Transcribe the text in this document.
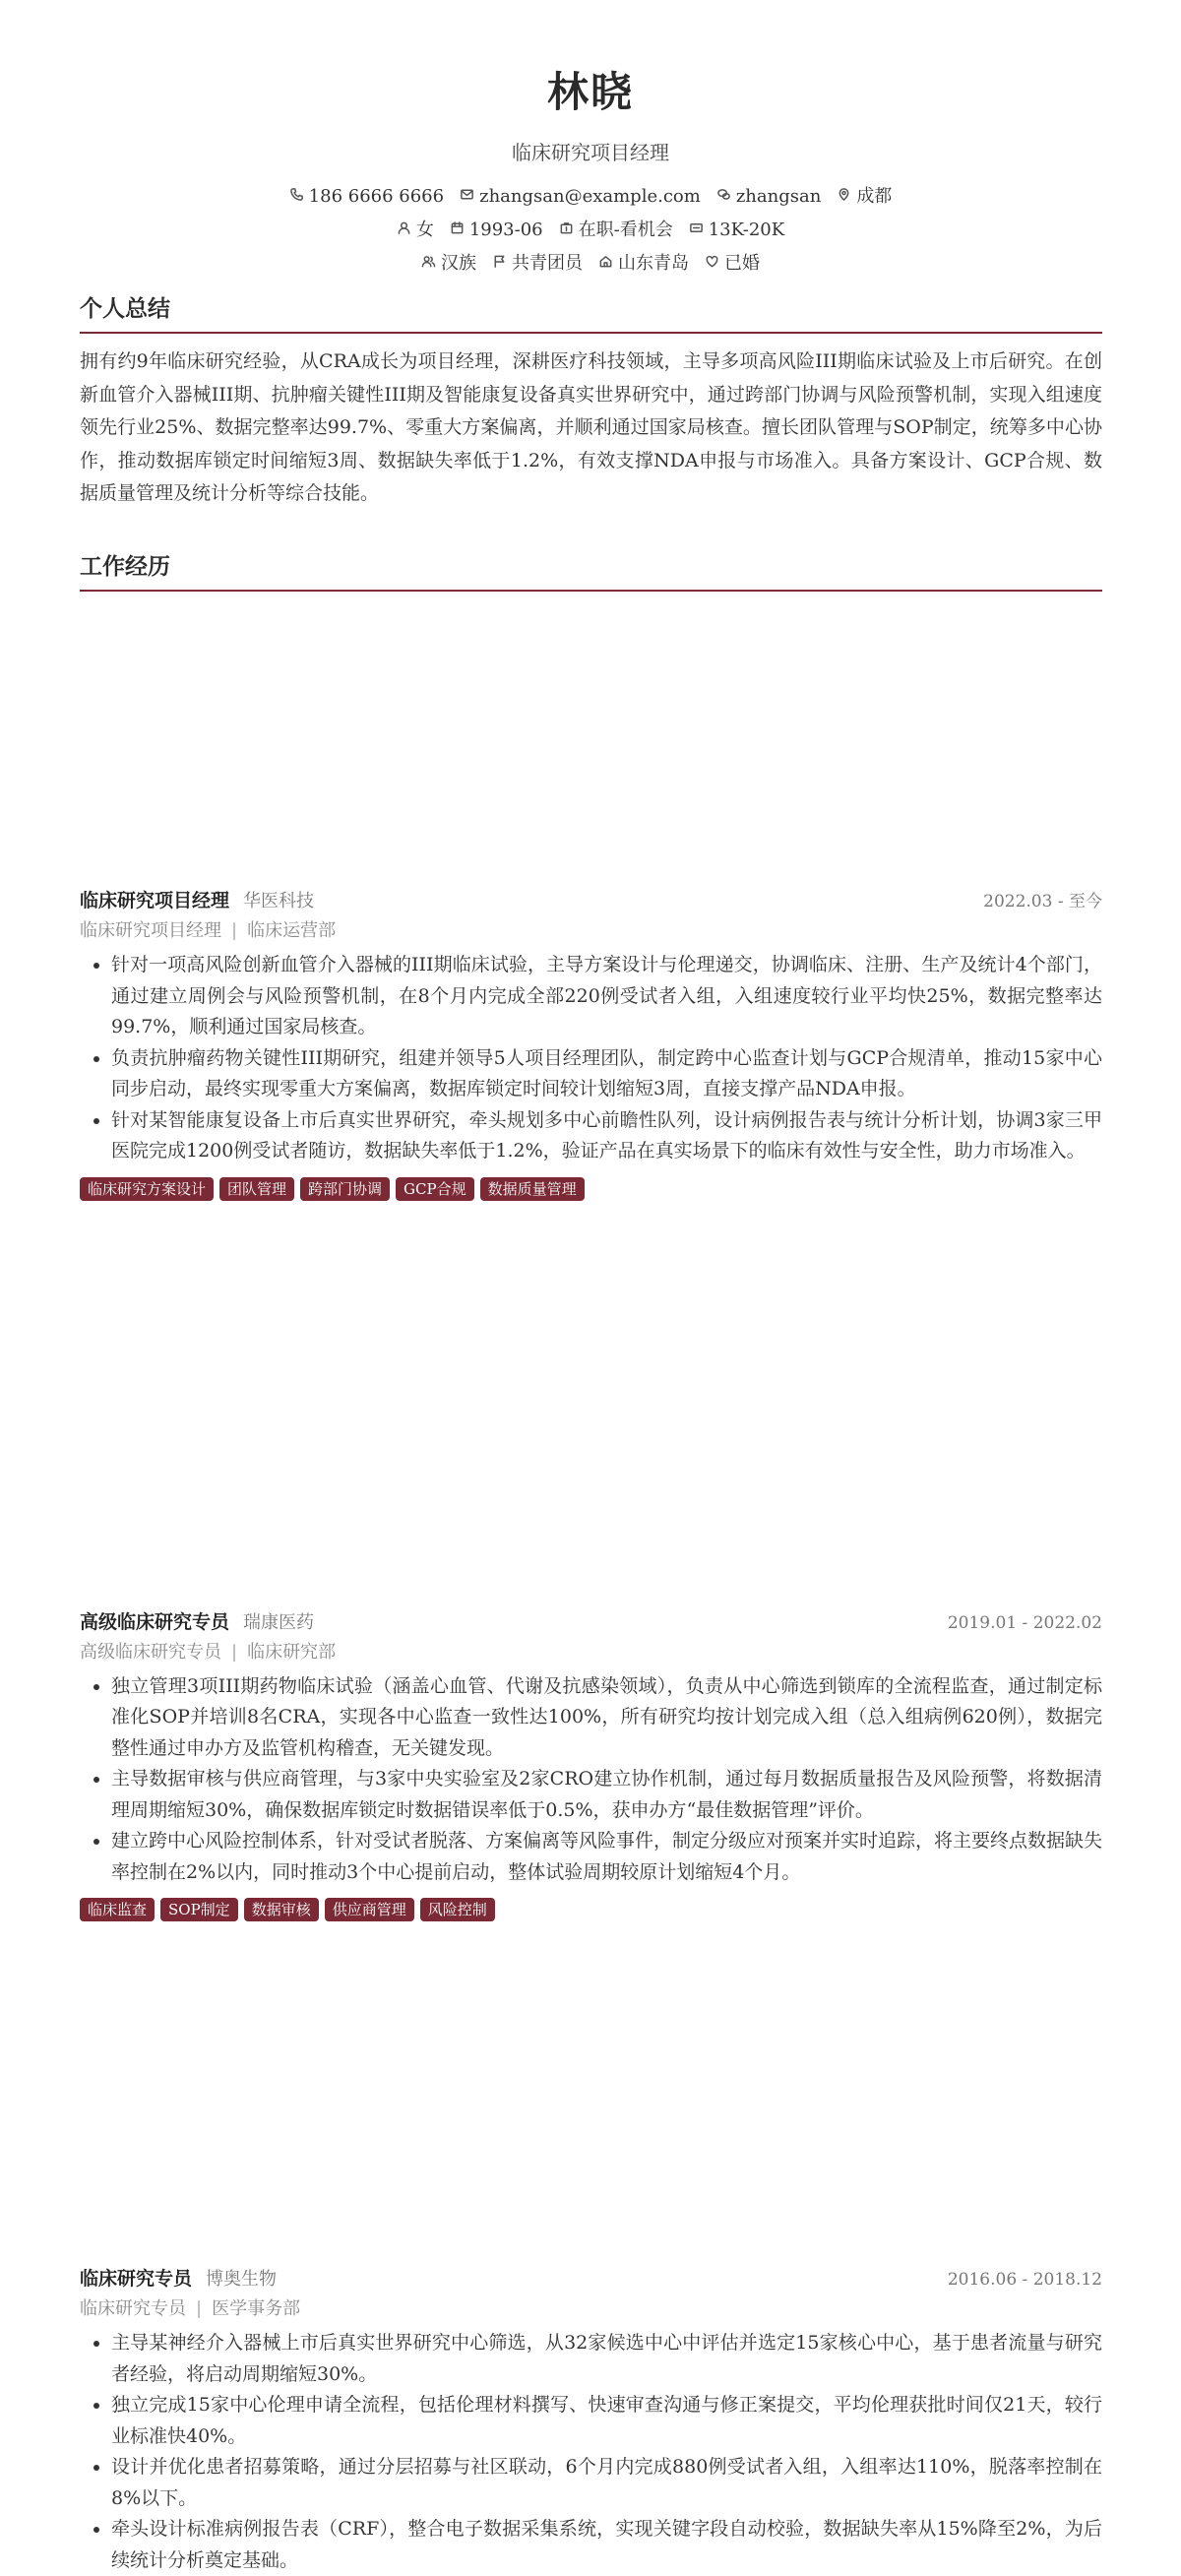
林晓
临床研究项目经理
186 6666 6666 zhangsan@example.com zhangsan 成都
女 1993-06 在职-看机会 13K-20K
汉族 共青团员 山东青岛 已婚
个人总结
拥有约9年临床研究经验，从CRA成长为项目经理，深耕医疗科技领域，主导多项高风险III期临床试验及上市后研究。在创新血管介入器械III期、抗肿瘤关键性III期及智能康复设备真实世界研究中，通过跨部门协调与风险预警机制，实现入组速度领先行业25%、数据完整率达99.7%、零重大方案偏离，并顺利通过国家局核查。擅长团队管理与SOP制定，统筹多中心协作，推动数据库锁定时间缩短3周、数据缺失率低于1.2%，有效支撑NDA申报与市场准入。具备方案设计、GCP合规、数据质量管理及统计分析等综合技能。
工作经历
临床研究项目经理 华医科技	2022.03 - 至今
临床研究项目经理 | 临床运营部
• 针对一项高风险创新血管介入器械的III期临床试验，主导方案设计与伦理递交，协调临床、注册、生产及统计4个部门，通过建立周例会与风险预警机制，在8个月内完成全部220例受试者入组，入组速度较行业平均快25%，数据完整率达99.7%，顺利通过国家局核查。
• 负责抗肿瘤药物关键性III期研究，组建并领导5人项目经理团队，制定跨中心监查计划与GCP合规清单，推动15家中心同步启动，最终实现零重大方案偏离，数据库锁定时间较计划缩短3周，直接支撑产品NDA申报。
• 针对某智能康复设备上市后真实世界研究，牵头规划多中心前瞻性队列，设计病例报告表与统计分析计划，协调3家三甲医院完成1200例受试者随访，数据缺失率低于1.2%，验证产品在真实场景下的临床有效性与安全性，助力市场准入。
临床研究方案设计	团队管理	跨部门协调	GCP合规	数据质量管理
高级临床研究专员 瑞康医药	2019.01 - 2022.02
高级临床研究专员 | 临床研究部
• 独立管理3项III期药物临床试验（涵盖心血管、代谢及抗感染领域），负责从中心筛选到锁库的全流程监查，通过制定标准化SOP并培训8名CRA，实现各中心监查一致性达100%，所有研究均按计划完成入组（总入组病例620例），数据完整性通过申办方及监管机构稽查，无关键发现。
• 主导数据审核与供应商管理，与3家中央实验室及2家CRO建立协作机制，通过每月数据质量报告及风险预警，将数据清理周期缩短30%，确保数据库锁定时数据错误率低于0.5%，获申办方“最佳数据管理”评价。
• 建立跨中心风险控制体系，针对受试者脱落、方案偏离等风险事件，制定分级应对预案并实时追踪，将主要终点数据缺失率控制在2%以内，同时推动3个中心提前启动，整体试验周期较原计划缩短4个月。
临床监查	SOP制定	数据审核	供应商管理	风险控制
临床研究专员 博奥生物	2016.06 - 2018.12
临床研究专员 | 医学事务部
• 主导某神经介入器械上市后真实世界研究中心筛选，从32家候选中心中评估并选定15家核心中心，基于患者流量与研究者经验，将启动周期缩短30%。
• 独立完成15家中心伦理申请全流程，包括伦理材料撰写、快速审查沟通与修正案提交，平均伦理获批时间仅21天，较行业标准快40%。
• 设计并优化患者招募策略，通过分层招募与社区联动，6个月内完成880例受试者入组，入组率达110%，脱落率控制在8%以下。
• 牵头设计标准病例报告表（CRF），整合电子数据采集系统，实现关键字段自动校验，数据缺失率从15%降至2%，为后续统计分析奠定基础。
